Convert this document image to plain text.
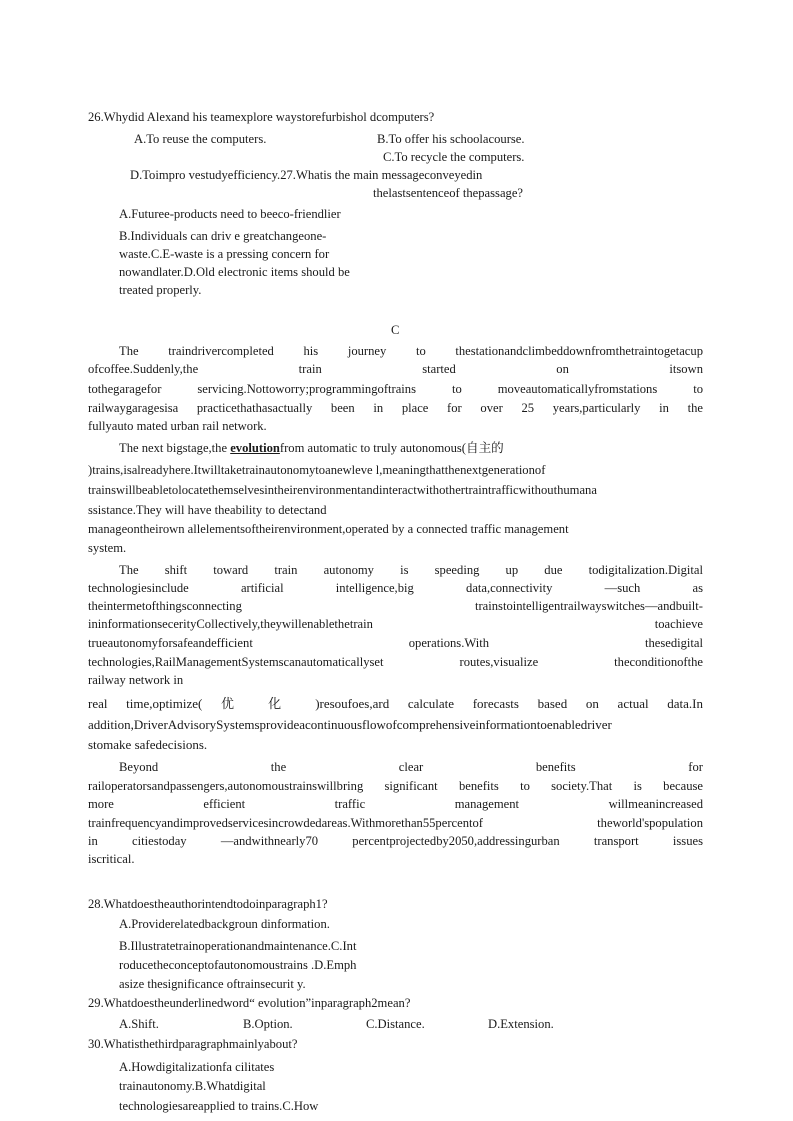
26.Whydid Alexand his teamexplore waystorefurbishol dcomputers?
A.To reuse the computers.	B.To offer his schoolacourse.
C.To recycle the computers.
D.Toimpro vestudyefficiency.27.Whatis the main messageconveyedin
thelastsentenceof thepassage?
A.Futuree-products need to beeco-friendlier
B.Individuals can driv e greatchangeone-
waste.C.E-waste is a pressing concern for
nowandlater.D.Old electronic items should be
treated properly.
C
The traindrivercompleted his journey to thestationandclimbeddownfromthetraintogetacup
ofcoffee.Suddenly,the train started on itsown
tothegaragefor servicing.Nottoworry;programmingoftrains to moveautomaticallyfromstations to
railwaygaragesisa practicethathasactually been in place for over 25 years,particularly in the
fullyauto mated urban rail network.
The next bigstage,the evolutionfrom automatic to truly autonomous(自主的
)trains,isalreadyhere.Itwilltaketrainautonomytoanewleve l,meaningthatthenextgenerationof
trainswillbeabletolocatethemselvesintheirenvironmentandinteractwithothertraintrafficwithouthumana
ssistance.They will have theability to detectand
manageontheirown allelementsoftheirenvironment,operated by a connected traffic management
system.
The shift toward train autonomy is speeding up due todigitalization.Digital
technologiesinclude artificial intelligence,big data,connectivity —such as
theintermetofthingsconnecting trainstointelligentrailwayswitches—andbuilt-
ininformationsecerityCollectively,theywillenablethetrain toachieve
trueautonomyforsafeandefficient operations.With thesedigital
technologies,RailManagementSystemscanautomaticallyset routes,visualize theconditionofthe
railway network in
real time,optimize( 优 化 )resoufoes,ard calculate forecasts based on actual data.In
addition,DriverAdvisorySystemsprovideacontinuousflowofcomprehensiveinformationtoenabledriver
stomake safedecisions.
Beyond the clear benefits for
railoperatorsandpassengers,autonomoustrainswillbring significant benefits to society.That is because
more efficient traffic management willmeanincreased
trainfrequencyandimprovedservicesincrowdedareas.Withmorethan55percentof theworld'spopulation
in citiestoday —andwithnearly70 percentprojectedby2050,addressingurban transport issues
iscritical.
28.Whatdoestheauthorintendtodoinparagraph1?
A.Providerelatedbackgroun dinformation.
B.Illustratetrainoperationandmaintenance.C.Int
roducetheconceptofautonomoustrains .D.Emph
asize thesignificance oftrainsecurit y.
29.Whatdoestheunderlinedword“ evolution”inparagraph2mean?
A.Shift.	B.Option.	C.Distance.	D.Extension.
30.Whatisthethirdparagraphmainlyabout?
A.Howdigitalizationfa cilitates
trainautonomy.B.Whatdigital
technologiesareapplied to trains.C.How
